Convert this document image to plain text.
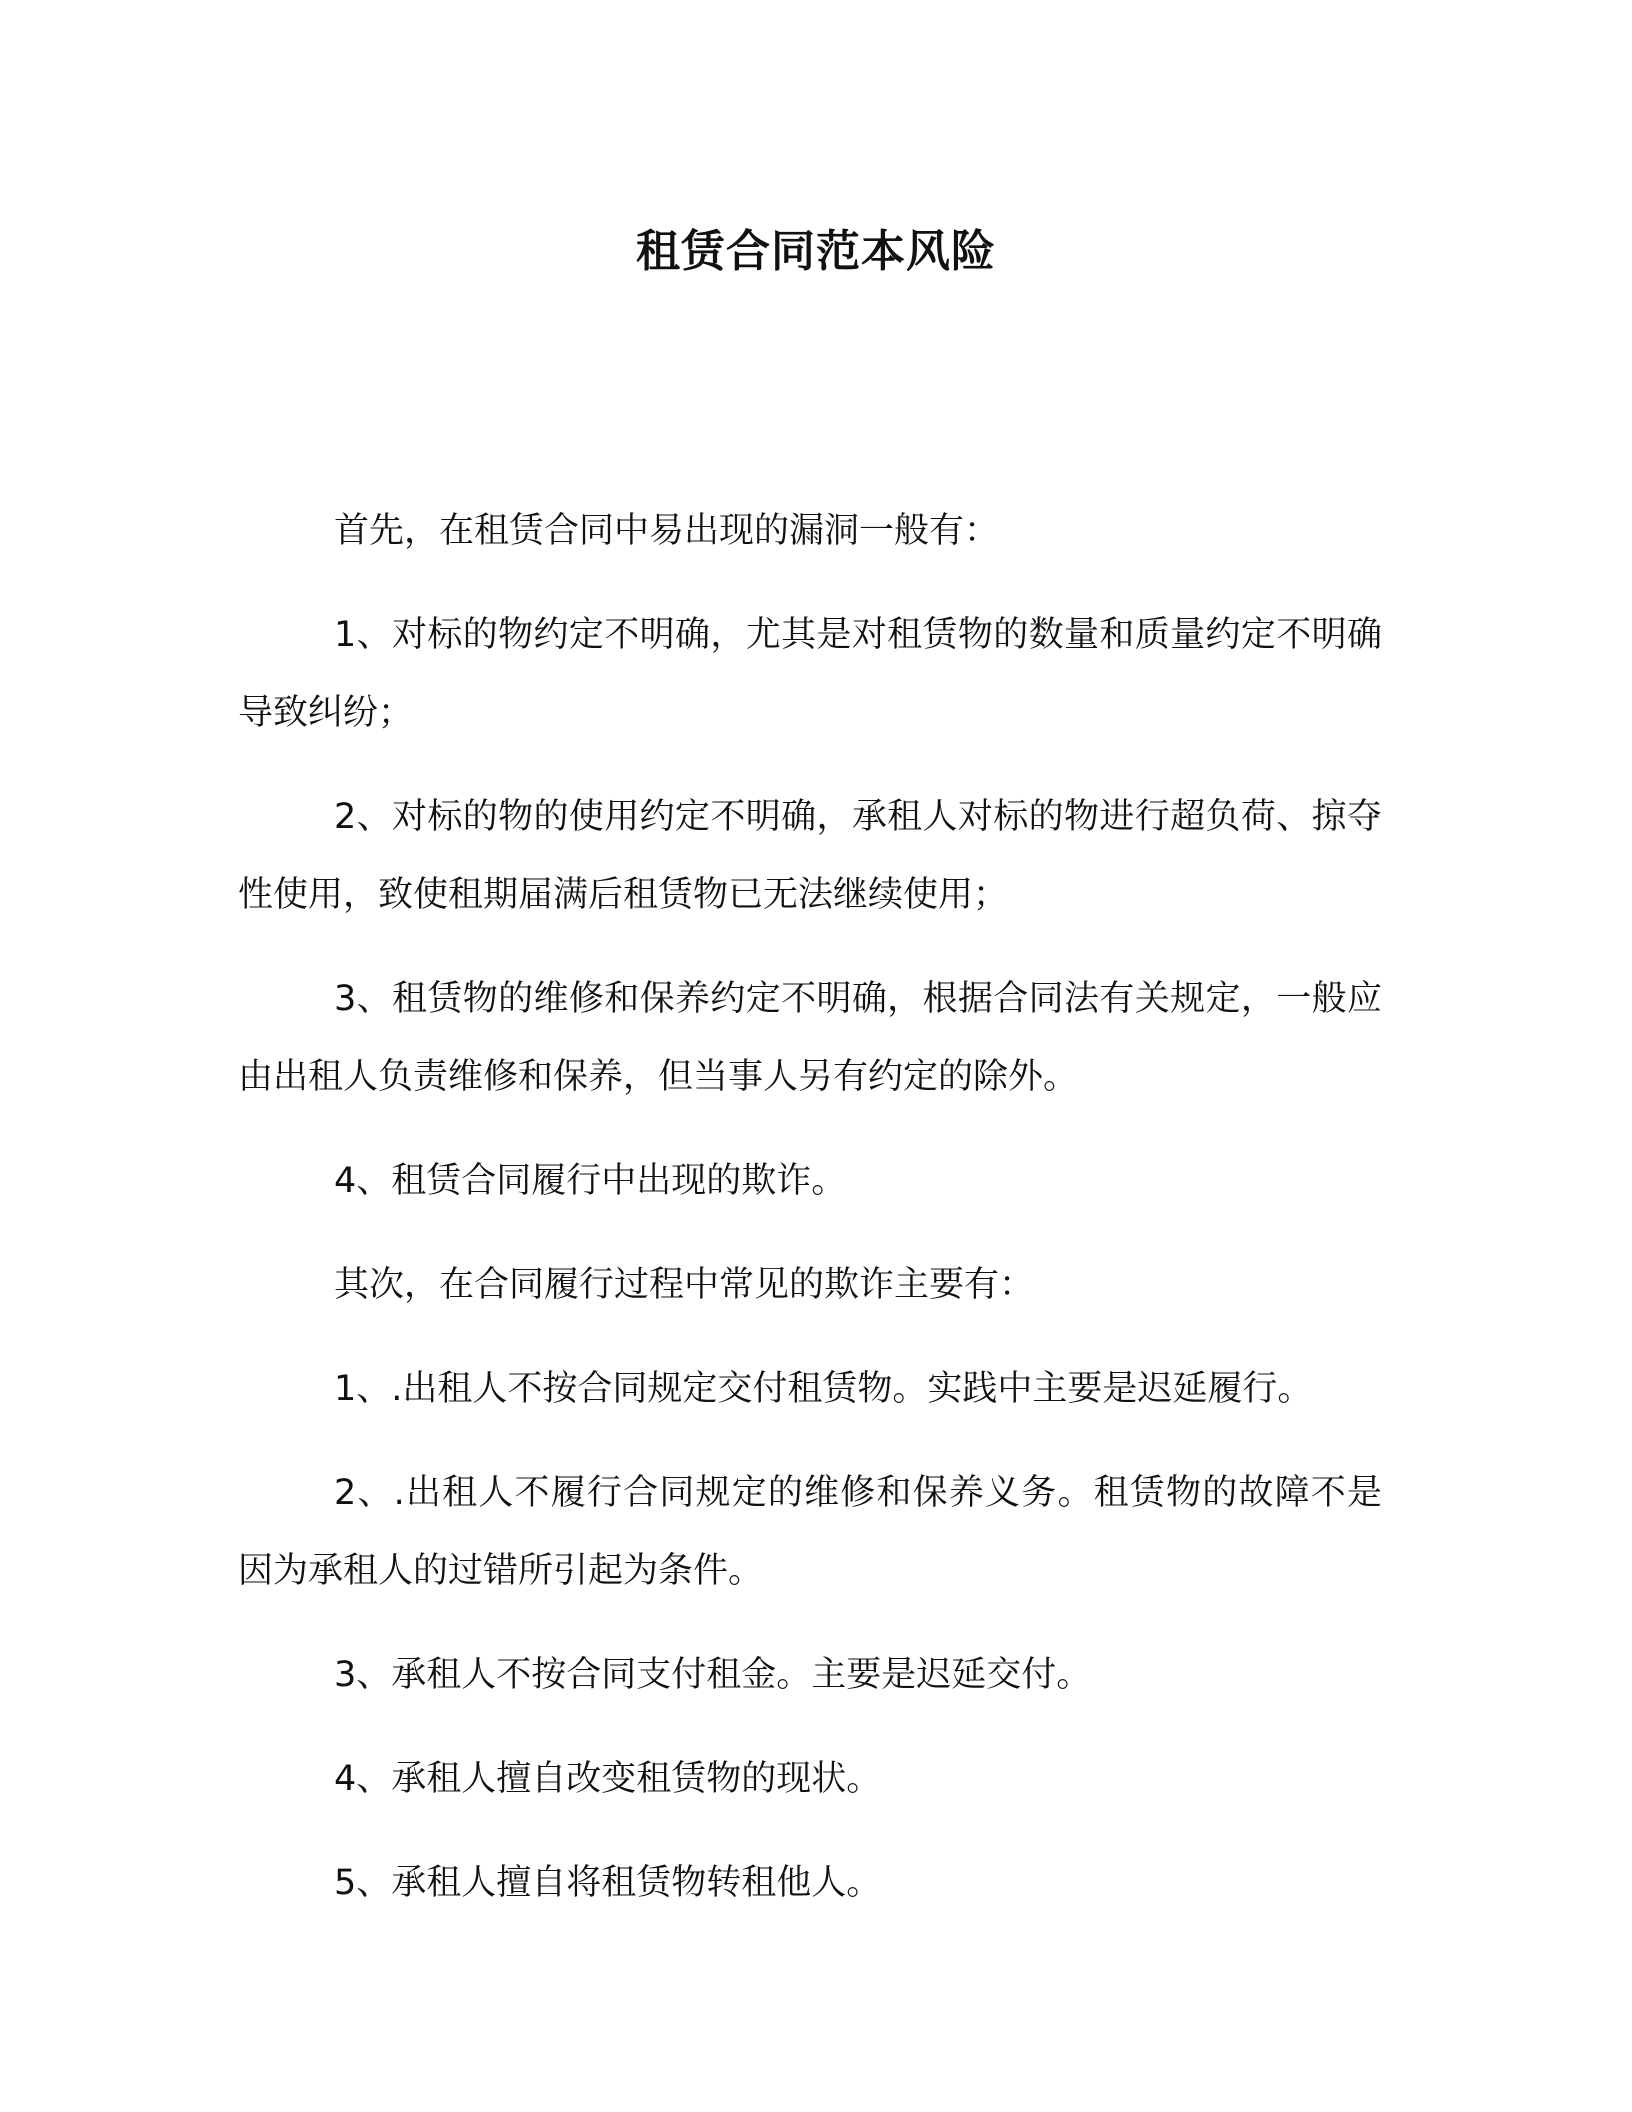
租赁合同范本风险

首先，在租赁合同中易出现的漏洞一般有：

1、对标的物约定不明确，尤其是对租赁物的数量和质量约定不明确导致纠纷；

2、对标的物的使用约定不明确，承租人对标的物进行超负荷、掠夺性使用，致使租期届满后租赁物已无法继续使用；

3、租赁物的维修和保养约定不明确，根据合同法有关规定，一般应由出租人负责维修和保养，但当事人另有约定的除外。

4、租赁合同履行中出现的欺诈。

其次，在合同履行过程中常见的欺诈主要有：

1、.出租人不按合同规定交付租赁物。实践中主要是迟延履行。

2、.出租人不履行合同规定的维修和保养义务。租赁物的故障不是因为承租人的过错所引起为条件。

3、承租人不按合同支付租金。主要是迟延交付。

4、承租人擅自改变租赁物的现状。

5、承租人擅自将租赁物转租他人。
